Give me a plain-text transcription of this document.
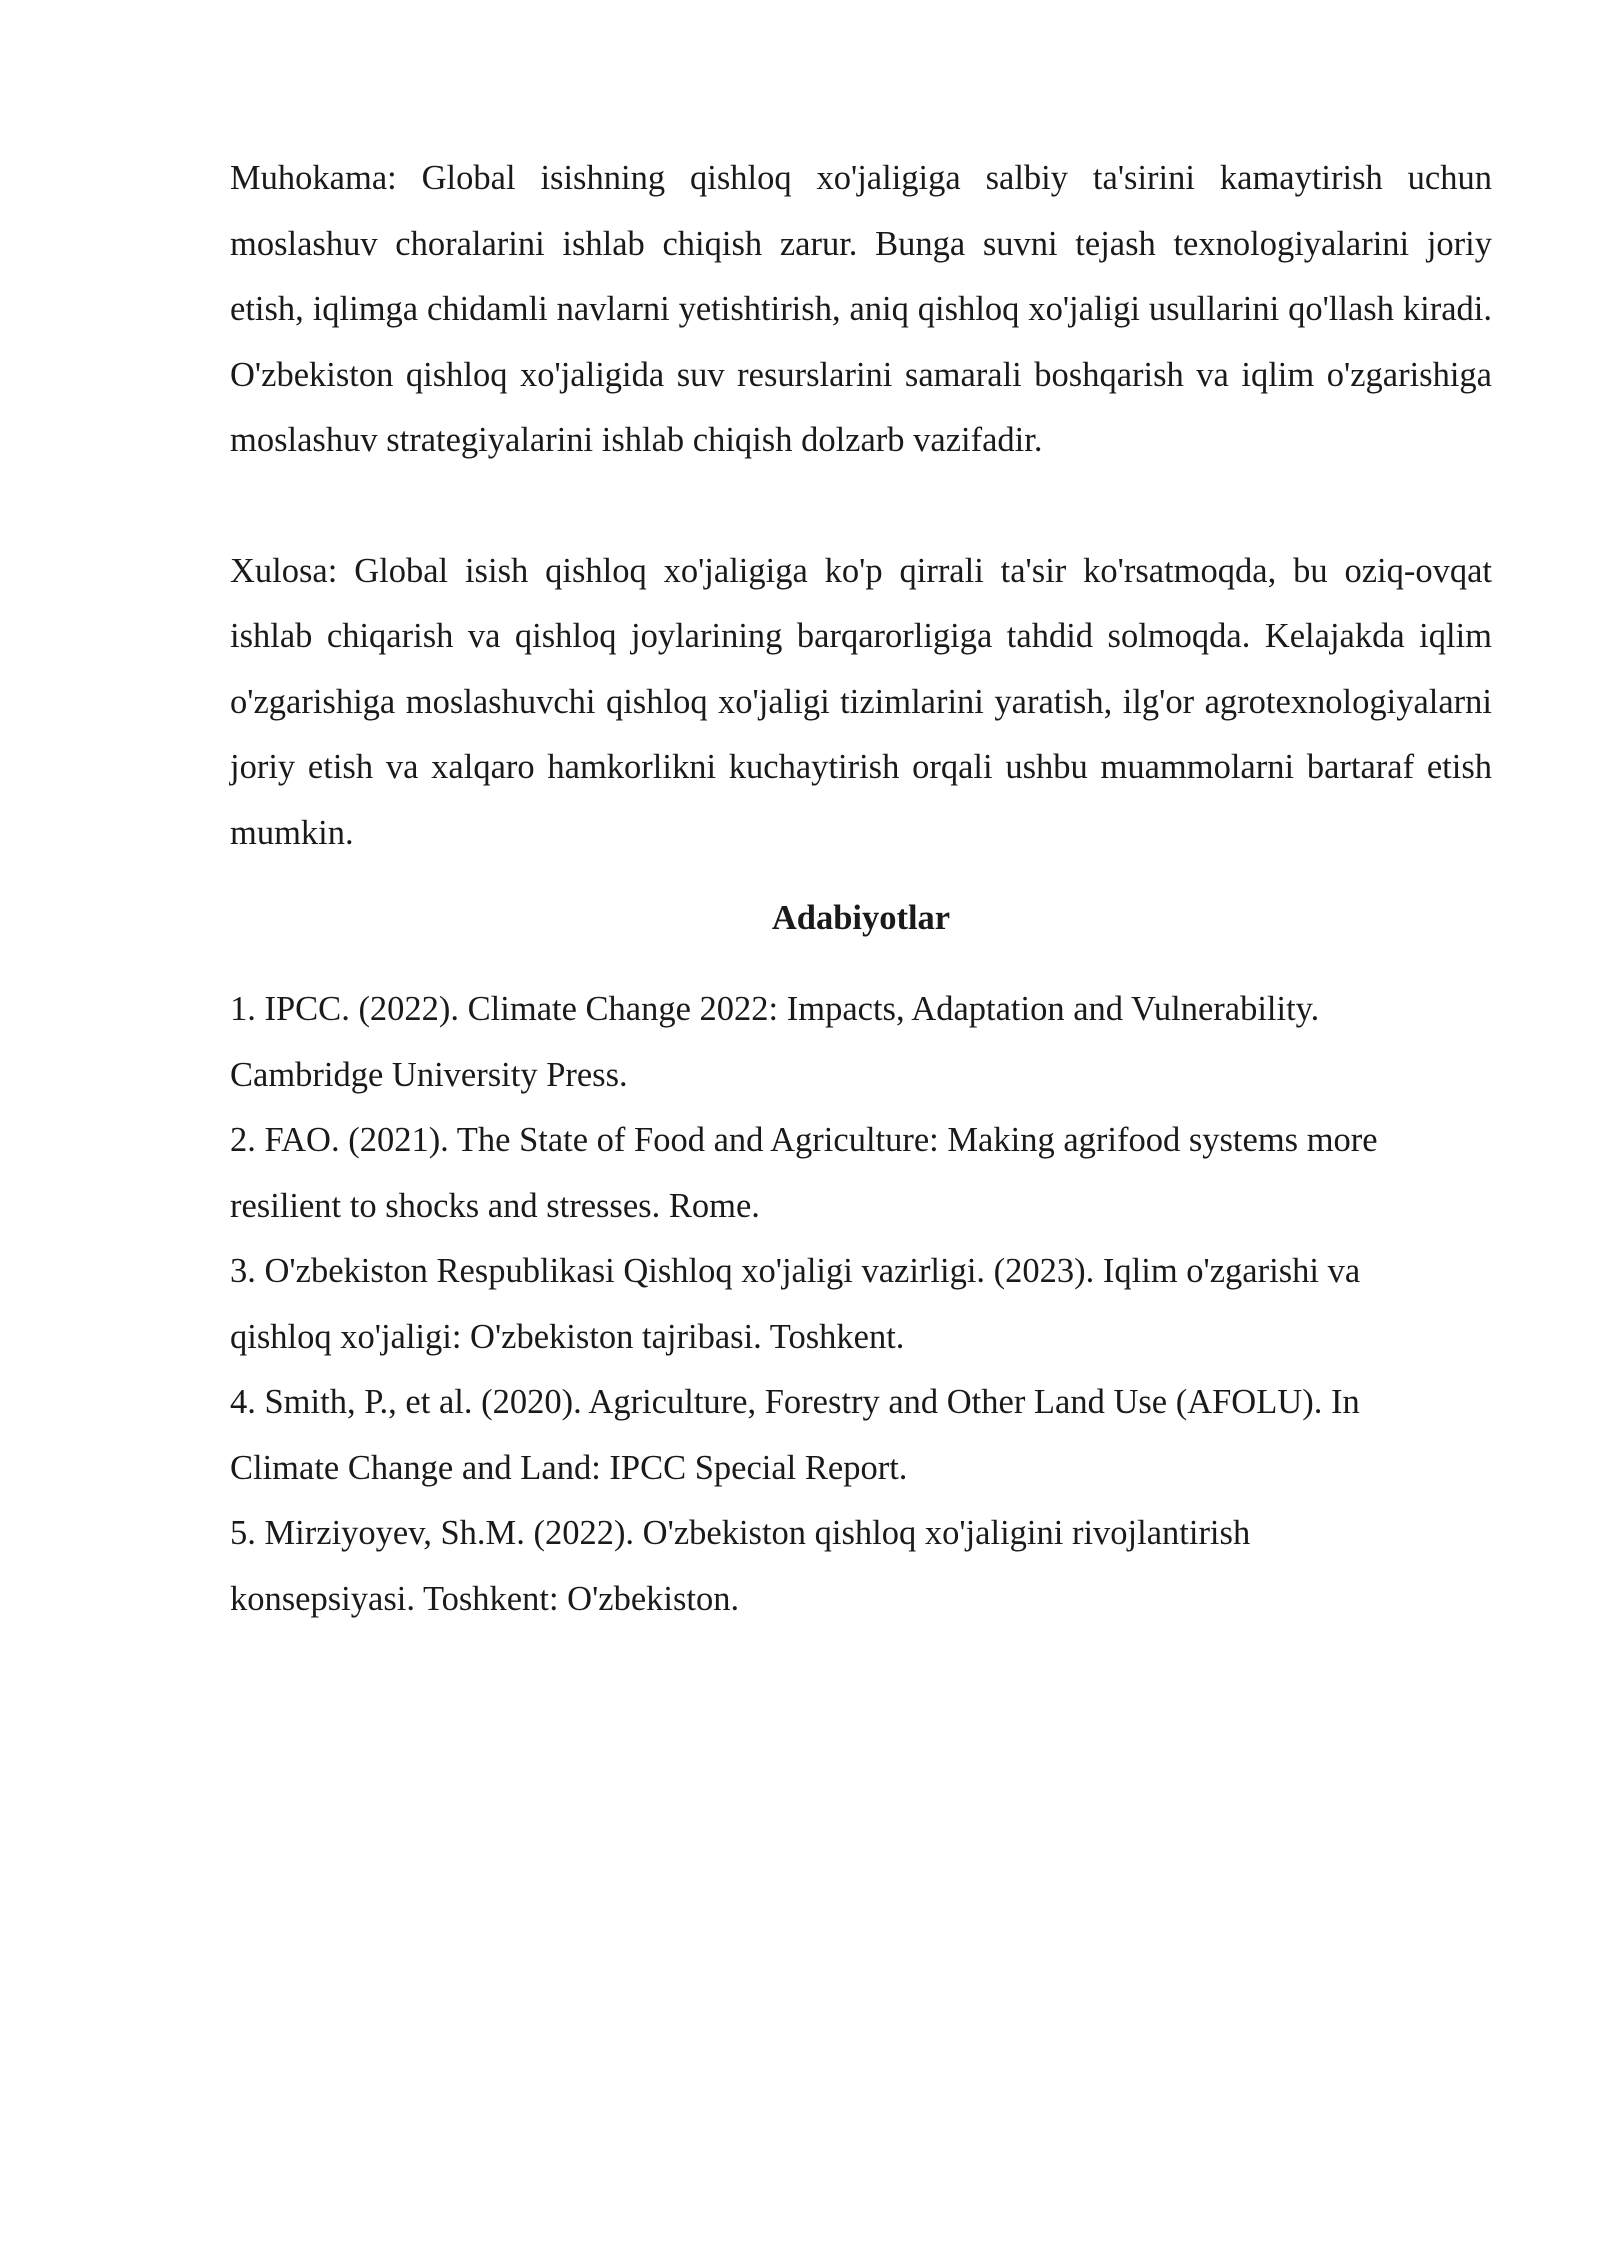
Muhokama: Global isishning qishloq xo'jaligiga salbiy ta'sirini kamaytirish uchun moslashuv choralarini ishlab chiqish zarur. Bunga suvni tejash texnologiyalarini joriy etish, iqlimga chidamli navlarni yetishtirish, aniq qishloq xo'jaligi usullarini qo'llash kiradi. O'zbekiston qishloq xo'jaligida suv resurslarini samarali boshqarish va iqlim o'zgarishiga moslashuv strategiyalarini ishlab chiqish dolzarb vazifadir.

Xulosa: Global isish qishloq xo'jaligiga ko'p qirrali ta'sir ko'rsatmoqda, bu oziq-ovqat ishlab chiqarish va qishloq joylarining barqarorligiga tahdid solmoqda. Kelajakda iqlim o'zgarishiga moslashuvchi qishloq xo'jaligi tizimlarini yaratish, ilg'or agrotexnologiyalarni joriy etish va xalqaro hamkorlikni kuchaytirish orqali ushbu muammolarni bartaraf etish mumkin.

Adabiyotlar
1. IPCC. (2022). Climate Change 2022: Impacts, Adaptation and Vulnerability. Cambridge University Press.
2. FAO. (2021). The State of Food and Agriculture: Making agrifood systems more resilient to shocks and stresses. Rome.
3. O'zbekiston Respublikasi Qishloq xo'jaligi vazirligi. (2023). Iqlim o'zgarishi va qishloq xo'jaligi: O'zbekiston tajribasi. Toshkent.
4. Smith, P., et al. (2020). Agriculture, Forestry and Other Land Use (AFOLU). In Climate Change and Land: IPCC Special Report.
5. Mirziyoyev, Sh.M. (2022). O'zbekiston qishloq xo'jaligini rivojlantirish konsepsiyasi. Toshkent: O'zbekiston.
